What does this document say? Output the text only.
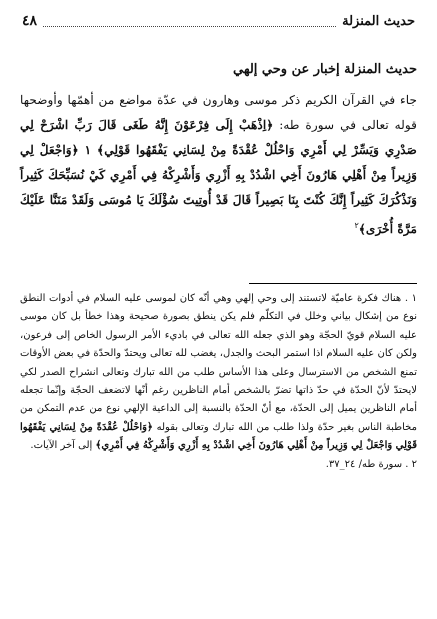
حديث المنزلة
٤٨
حديث المنزلة إخبار عن وحي إلهي
جاء في القرآن الكريم ذكر موسى وهارون في عدّة مواضع من أهمّها وأوضحها قوله تعالى في سورة طه: ﴿اِذْهَبْ إِلَى فِرْعَوْنَ إِنَّهُ طَغَى قَالَ رَبِّ اشْرَحْ لِي صَدْرِي وَيَسِّرْ لِي أَمْرِي وَاحْلُلْ عُقْدَةً مِنْ لِسَانِي يَفْقَهُوا قَوْلِي﴾ ١ ﴿وَاجْعَلْ لِي وَزِيراً مِنْ أَهْلِي هَارُونَ أَخِي اشْدُدْ بِهِ أَزْرِي وَأَشْرِكْهُ فِي أَمْرِي كَيْ نُسَبِّحَكَ كَثِيراً وَنَذْكُرَكَ كَثِيراً إِنَّكَ كُنْتَ بِنَا بَصِيراً قَالَ قَدْ أُوتِيتَ سُؤْلَكَ يَا مُوسَى وَلَقَدْ مَنَنَّا عَلَيْكَ مَرَّةً أُخْرَى﴾$^٢$

١ . هناك فكرة عاميّة لاتستند إلى وحي إلهي وهي أنّه كان لموسى عليه السلام في أدوات النطق نوع من إشكال بياني وخلل في التكلّم فلم يكن ينطق بصورة صحيحة وهذا خطأ بل كان موسى عليه السلام قويّ الحجّة وهو الذي جعله الله تعالى في باديء الأمر الرسول الخاص إلى فرعون، ولكن كان عليه السلام اذا استمر البحث والجدل، يغضب لله تعالى ويحتدّ والحدّة في بعض الأوقات تمنع الشخص من الاسترسال وعلى هذا الأساس طلب من الله تبارك وتعالى انشراح الصدر لكي لايحتدّ لأنّ الحدّة في حدّ ذاتها تضرّ بالشخص أمام الناظرين رغم أنّها لاتضعف الحجّة وإنّما تجعله أمام الناظرين يميل إلى الحدّة، مع أنّ الحدّة بالنسبة إلى الداعية الإلهي نوع من عدم التمكن من مخاطبة الناس بغير حدّة ولذا طلب من الله تبارك وتعالى بقوله ﴿وَاحْلُلْ عُقْدَةً مِنْ لِسَانِي يَفْقَهُوا قَوْلِي وَاجْعَلْ لِي وَزِيراً مِنْ أَهْلِي هَارُونَ أَخِي اشْدُدْ بِهِ أَزْرِي وَأَشْرِكْهُ فِي أَمْرِي﴾ إلى آخر الآيات.

٢ . سورة طه/ ٢٤_٣٧.
